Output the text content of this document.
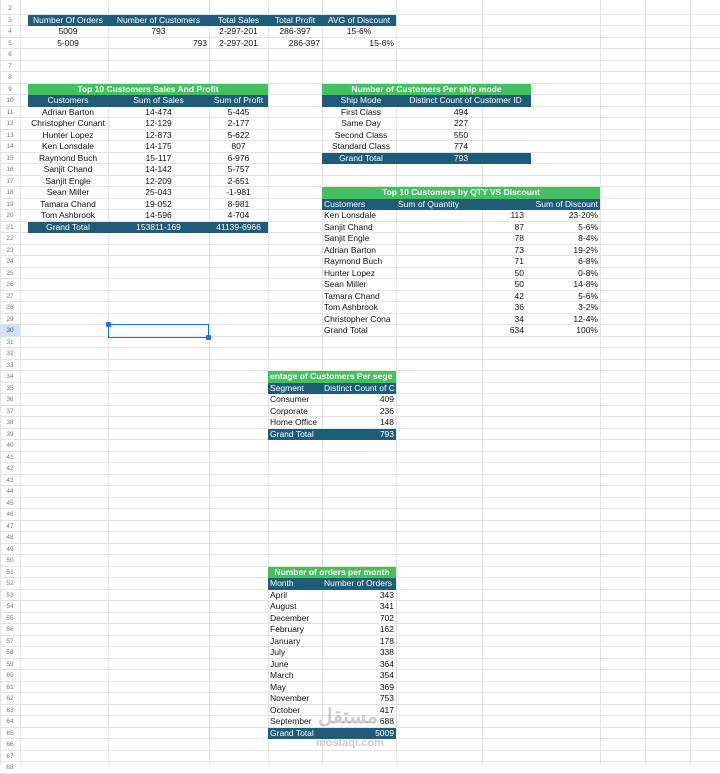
2
3
4
5
6
7
8
9
10
11
12
13
14
15
16
17
18
19
20
21
22
23
24
25
26
27
28
29
30
31
32
33
34
35
36
37
38
39
40
41
42
43
44
45
46
47
48
49
50
51
52
53
54
55
56
57
58
59
60
61
62
63
64
65
66
67
68
Number Of Orders	Number of Customers	Total Sales	Total Profit	AVG of Discount
5009	793	2-297-201	286-397	15-6%
5-009	793	2-297-201	286-397	15-6%
Top 10 Customers Sales And Profit
Customers	Sum of Sales	Sum of Profit
Adrian Barton	14-474	5-445
Christopher Conant	12-129	2-177
Hunter Lopez	12-873	5-622
Ken Lonsdale	14-175	807
Raymond Buch	15-117	6-976
Sanjit Chand	14-142	5-757
Sanjit Engle	12-209	2-651
Sean Miller	25-043	-1-981
Tamara Chand	19-052	8-981
Tom Ashbrook	14-596	4-704
Grand Total	153811-169	41139-6966
Number of Customers Per ship mode
Ship Mode	Distinct Count of Customer ID
First Class	494
Same Day	227
Second Class	550
Standard Class	774
Grand Total	793
Top 10 Customers by QTY VS Discount
Customers	Sum of Quantity	Sum of Discount
Ken Lonsdale	113	23-20%
Sanjit Chand	87	5-6%
Sanjit Engle	78	8-4%
Adrian Barton	73	19-2%
Raymond Buch	71	6-8%
Hunter Lopez	50	0-8%
Sean Miller	50	14-8%
Tamara Chand	42	5-6%
Tom Ashbrook	36	3-2%
Christopher Cona	34	12-4%
Grand Total	634	100%
entage of Customers Per sege
Segment	Distinct Count of C
Consumer	409
Corporate	236
Home Office	148
Grand Total	793
Number of orders per month
Month	Number of Orders
April	343
August	341
December	702
February	162
January	178
July	338
June	364
March	354
May	369
November	753
October	417
September	688
Grand Total	5009
مستقل
mostaql.com
